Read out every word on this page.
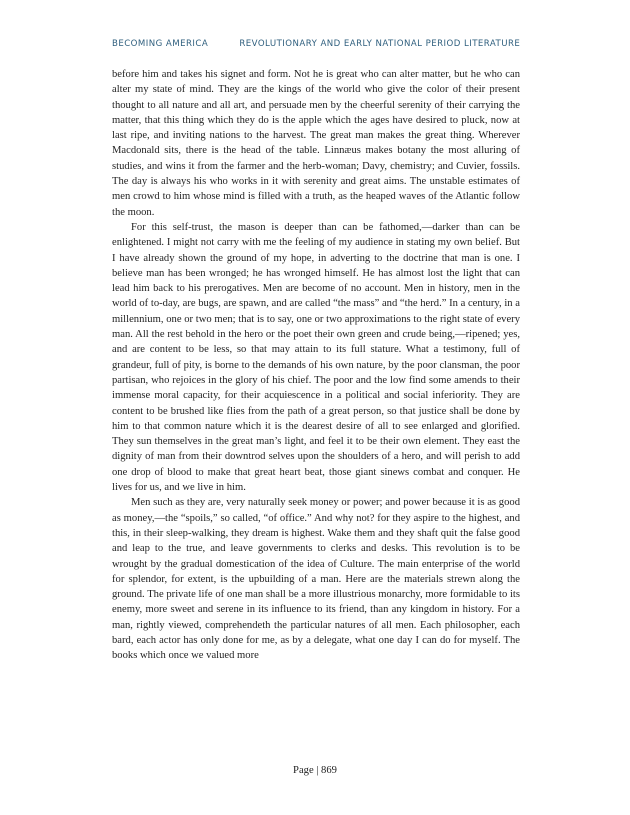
BECOMING AMERICA	REVOLUTIONARY AND EARLY NATIONAL PERIOD LITERATURE

before him and takes his signet and form. Not he is great who can alter matter, but he who can alter my state of mind. They are the kings of the world who give the color of their present thought to all nature and all art, and persuade men by the cheerful serenity of their carrying the matter, that this thing which they do is the apple which the ages have desired to pluck, now at last ripe, and inviting nations to the harvest. The great man makes the great thing. Wherever Macdonald sits, there is the head of the table. Linnæus makes botany the most alluring of studies, and wins it from the farmer and the herb-woman; Davy, chemistry; and Cuvier, fossils. The day is always his who works in it with serenity and great aims. The unstable estimates of men crowd to him whose mind is filled with a truth, as the heaped waves of the Atlantic follow the moon.

For this self-trust, the mason is deeper than can be fathomed,—darker than can be enlightened. I might not carry with me the feeling of my audience in stating my own belief. But I have already shown the ground of my hope, in adverting to the doctrine that man is one. I believe man has been wronged; he has wronged himself. He has almost lost the light that can lead him back to his prerogatives. Men are become of no account. Men in history, men in the world of to-day, are bugs, are spawn, and are called “the mass” and “the herd.” In a century, in a millennium, one or two men; that is to say, one or two approximations to the right state of every man. All the rest behold in the hero or the poet their own green and crude being,—ripened; yes, and are content to be less, so that may attain to its full stature. What a testimony, full of grandeur, full of pity, is borne to the demands of his own nature, by the poor clansman, the poor partisan, who rejoices in the glory of his chief. The poor and the low find some amends to their immense moral capacity, for their acquiescence in a political and social inferiority. They are content to be brushed like flies from the path of a great person, so that justice shall be done by him to that common nature which it is the dearest desire of all to see enlarged and glorified. They sun themselves in the great man’s light, and feel it to be their own element. They east the dignity of man from their downtrod selves upon the shoulders of a hero, and will perish to add one drop of blood to make that great heart beat, those giant sinews combat and conquer. He lives for us, and we live in him.

Men such as they are, very naturally seek money or power; and power because it is as good as money,—the “spoils,” so called, “of office.” And why not? for they aspire to the highest, and this, in their sleep-walking, they dream is highest. Wake them and they shaft quit the false good and leap to the true, and leave governments to clerks and desks. This revolution is to be wrought by the gradual domestication of the idea of Culture. The main enterprise of the world for splendor, for extent, is the upbuilding of a man. Here are the materials strewn along the ground. The private life of one man shall be a more illustrious monarchy, more formidable to its enemy, more sweet and serene in its influence to its friend, than any kingdom in history. For a man, rightly viewed, comprehendeth the particular natures of all men. Each philosopher, each bard, each actor has only done for me, as by a delegate, what one day I can do for myself. The books which once we valued more

Page | 869
